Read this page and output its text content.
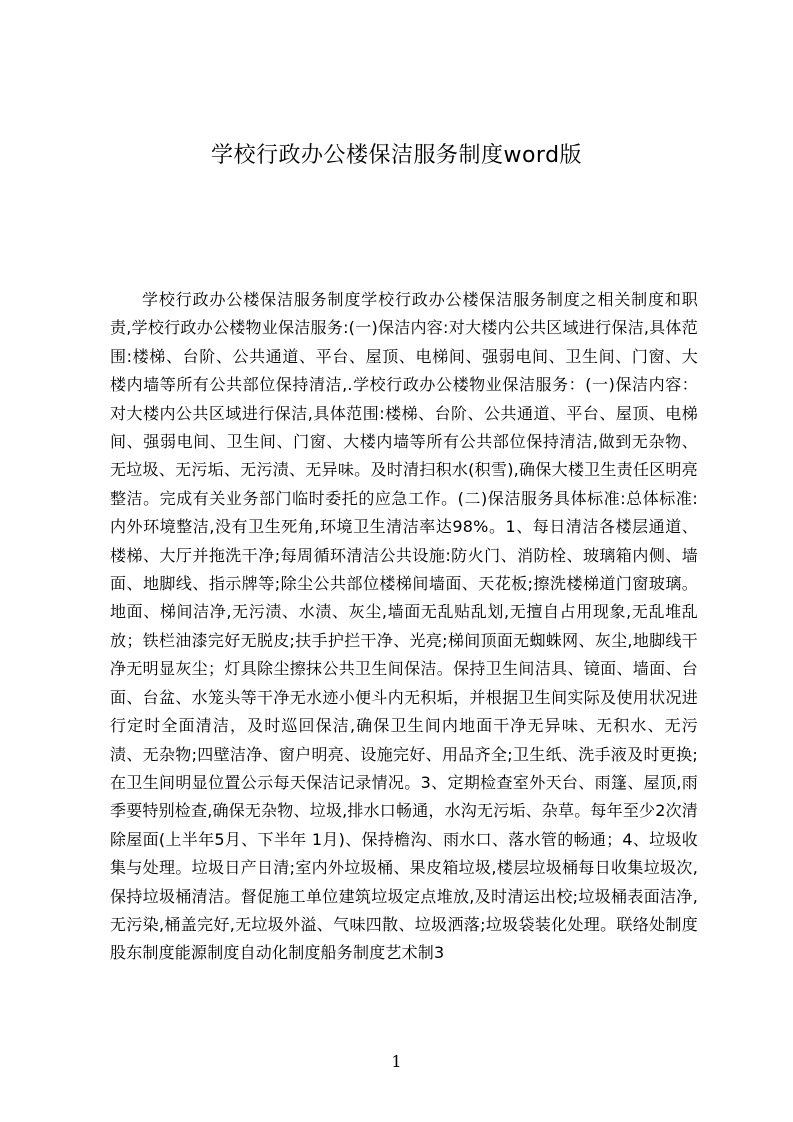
学校行政办公楼保洁服务制度word版

学校行政办公楼保洁服务制度学校行政办公楼保洁服务制度之相关制度和职责,学校行政办公楼物业保洁服务:(一)保洁内容:对大楼内公共区域进行保洁,具体范围:楼梯、台阶、公共通道、平台、屋顶、电梯间、强弱电间、卫生间、门窗、大楼内墙等所有公共部位保持清洁,.学校行政办公楼物业保洁服务：(一)保洁内容：对大楼内公共区域进行保洁,具体范围:楼梯、台阶、公共通道、平台、屋顶、电梯间、强弱电间、卫生间、门窗、大楼内墙等所有公共部位保持清洁,做到无杂物、无垃圾、无污垢、无污渍、无异味。及时清扫积水(积雪),确保大楼卫生责任区明亮整洁。完成有关业务部门临时委托的应急工作。(二)保洁服务具体标准:总体标准:内外环境整洁,没有卫生死角,环境卫生清洁率达98%。1、每日清洁各楼层通道、楼梯、大厅并拖洗干净;每周循环清洁公共设施:防火门、消防栓、玻璃箱内侧、墙面、地脚线、指示牌等;除尘公共部位楼梯间墙面、天花板;擦洗楼梯道门窗玻璃。地面、梯间洁净,无污渍、水渍、灰尘,墙面无乱贴乱划,无擅自占用现象,无乱堆乱放；铁栏油漆完好无脱皮;扶手护拦干净、光亮;梯间顶面无蜘蛛网、灰尘,地脚线干净无明显灰尘；灯具除尘擦抹公共卫生间保洁。保持卫生间洁具、镜面、墙面、台面、台盆、水笼头等干净无水迹小便斗内无积垢，并根据卫生间实际及使用状况进行定时全面清洁，及时巡回保洁,确保卫生间内地面干净无异味、无积水、无污渍、无杂物;四壁洁净、窗户明亮、设施完好、用品齐全;卫生纸、洗手液及时更换;在卫生间明显位置公示每天保洁记录情况。3、定期检查室外天台、雨篷、屋顶,雨季要特别检查,确保无杂物、垃圾,排水口畅通，水沟无污垢、杂草。每年至少2次清除屋面(上半年5月、下半年 1月)、保持檐沟、雨水口、落水管的畅通；4、垃圾收集与处理。垃圾日产日清;室内外垃圾桶、果皮箱垃圾,楼层垃圾桶每日收集垃圾次,保持垃圾桶清洁。督促施工单位建筑垃圾定点堆放,及时清运出校;垃圾桶表面洁净,无污染,桶盖完好,无垃圾外溢、气味四散、垃圾洒落;垃圾袋装化处理。联络处制度股东制度能源制度自动化制度船务制度艺术制3

1
